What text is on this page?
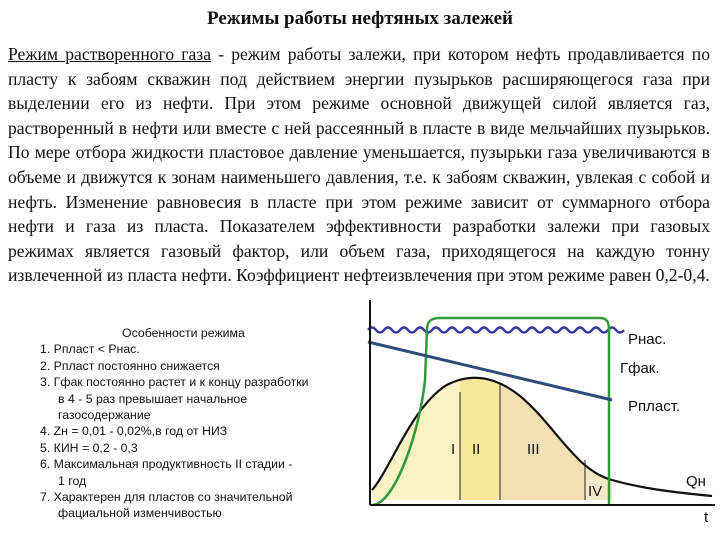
Режимы работы нефтяных залежей
Режим растворенного газа - режим работы залежи, при котором нефть продавливается по пласту к забоям скважин под действием энергии пузырьков расширяющегося газа при выделении его из нефти. При этом режиме основной движущей силой является газ, растворенный в нефти или вместе с ней рассеянный в пласте в виде мельчайших пузырьков. По мере отбора жидкости пластовое давление уменьшается, пузырьки газа увеличиваются в объеме и движутся к зонам наименьшего давления, т.е. к забоям скважин, увлекая с собой и нефть. Изменение равновесия в пласте при этом режиме зависит от суммарного отбора нефти и газа из пласта. Показателем эффективности разработки залежи при газовых режимах является газовый фактор, или объем газа, приходящегося на каждую тонну извлеченной из пласта нефти. Коэффициент нефтеизвлечения при этом режиме равен 0,2-0,4.
Особенности режима
1. Рпласт < Рнас.
2. Рпласт постоянно снижается
3. Гфак постоянно растет и к концу разработки
в 4 - 5 раз превышает начальное
газосодержание
4. Zн = 0,01 - 0,02%,в год от НИЗ
5. КИН = 0,2 - 0,3
6. Максимальная продуктивность II стадии -
1 год
7. Характерен для пластов со значительной
фациальной изменчивостью
Рнас.
Гфак.
Рпласт.
Qн
t
I II	III
IV
